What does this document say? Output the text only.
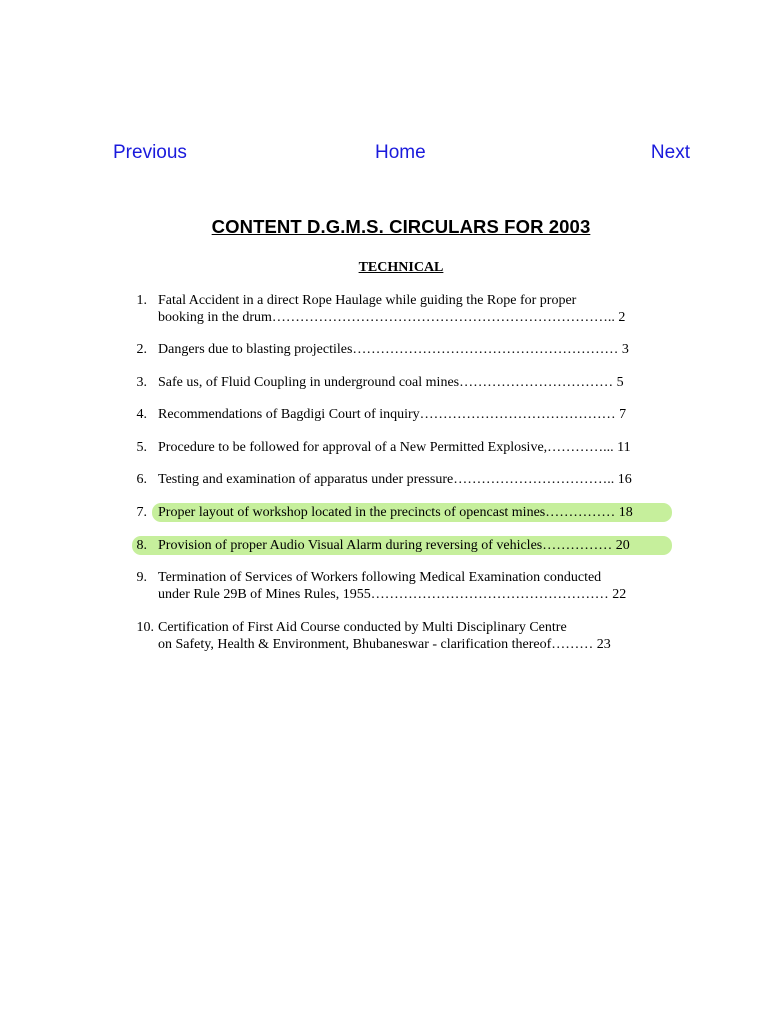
Previous	Home	Next
CONTENT D.G.M.S. CIRCULARS FOR 2003
TECHNICAL
1. Fatal Accident in a direct Rope Haulage while guiding the Rope for proper
booking in the drum……………………………………………………………….. 2
2. Dangers due to blasting projectiles………………………………………………… 3
3. Safe us, of Fluid Coupling in underground coal mines…………………………… 5
4. Recommendations of Bagdigi Court of inquiry…………………………………… 7
5. Procedure to be followed for approval of a New Permitted Explosive,…………... 11
6. Testing and examination of apparatus under pressure…………………………….. 16
7. Proper layout of workshop located in the precincts of opencast mines…………… 18
8. Provision of proper Audio Visual Alarm during reversing of vehicles…………… 20
9. Termination of Services of Workers following Medical Examination conducted
under Rule 29B of Mines Rules, 1955…………………………………………… 22
10. Certification of First Aid Course conducted by Multi Disciplinary Centre
on Safety, Health & Environment, Bhubaneswar - clarification thereof……… 23
